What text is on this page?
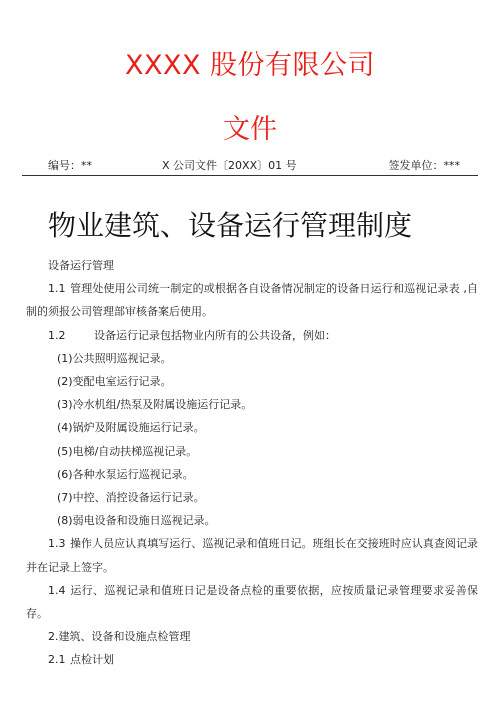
XXXX 股份有限公司
文件
编号：**	X 公司文件〔20XX〕01 号	签发单位：***
物业建筑、设备运行管理制度

设备运行管理

1.1 管理处使用公司统一制定的或根据各自设备情况制定的设备日运行和巡视记录表 ,自制的须报公司管理部审核备案后使用。

1.2	设备运行记录包括物业内所有的公共设备，例如：

(1)公共照明巡视记录。

(2)变配电室运行记录。

(3)冷水机组/热泵及附属设施运行记录。

(4)锅炉及附属设施运行记录。

(5)电梯/自动扶梯巡视记录。

(6)各种水泵运行巡视记录。

(7)中控、消控设备运行记录。

(8)弱电设备和设施日巡视记录。

1.3 操作人员应认真填写运行、巡视记录和值班日记。班组长在交接班时应认真查阅记录并在记录上签字。

1.4 运行、巡视记录和值班日记是设备点检的重要依据，应按质量记录管理要求妥善保存。

2.建筑、设备和设施点检管理

2.1 点检计划
